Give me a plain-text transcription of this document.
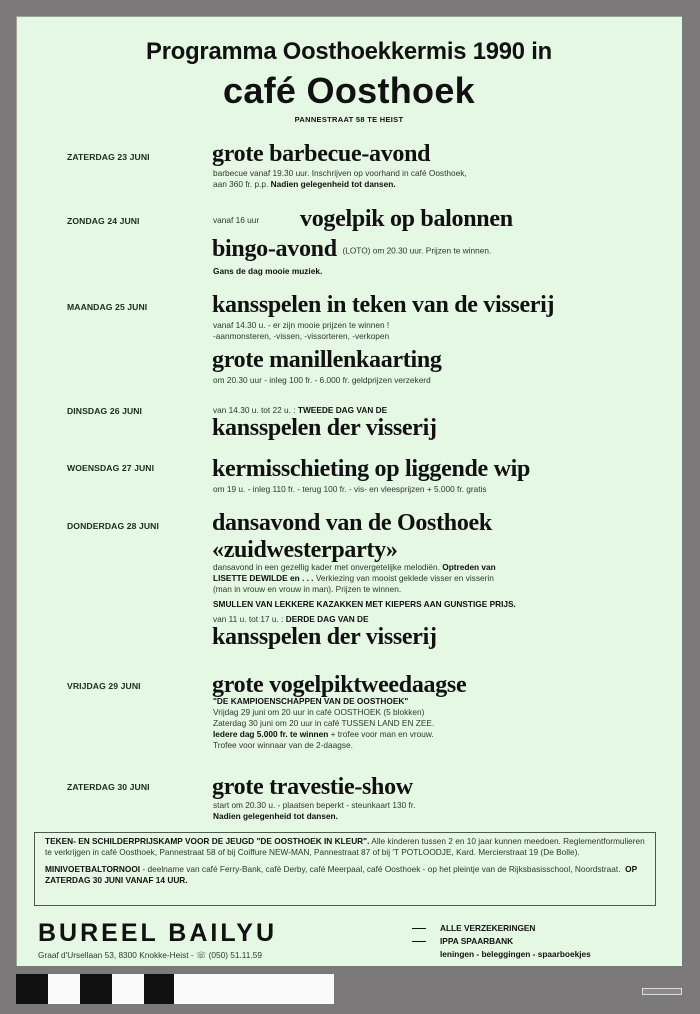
Programma Oosthoekkermis 1990 in
café Oosthoek
PANNESTRAAT 58 TE HEIST
ZATERDAG 23 JUNI	grote barbecue-avond
barbecue vanaf 19.30 uur. Inschrijven op voorhand in café Oosthoek,
aan 360 fr. p.p. Nadien gelegenheid tot dansen.
ZONDAG 24 JUNI	vanaf 16 uur vogelpik op balonnen
bingo-avond (LOTO) om 20.30 uur. Prijzen te winnen.
Gans de dag mooie muziek.
MAANDAG 25 JUNI	kansspelen in teken van de visserij
vanaf 14.30 u. - er zijn mooie prijzen te winnen !
-aanmonsteren, -vissen, -vissorteren, -verkopen
grote manillenkaarting
om 20.30 uur - inleg 100 fr. - 6.000 fr. geldprijzen verzekerd
DINSDAG 26 JUNI	van 14.30 u. tot 22 u. : TWEEDE DAG VAN DE
kansspelen der visserij
WOENSDAG 27 JUNI kermisschieting op liggende wip
om 19 u. - inleg 110 fr. - terug 100 fr. - vis- en vleesprijzen + 5.000 fr. gratis
DONDERDAG 28 JUNI dansavond van de Oosthoek
«zuidwesterparty»
dansavond in een gezellig kader met onvergetelijke melodiën. Optreden van
LISETTE DEWILDE en . . . Verkiezing van mooist geklede visser en visserin
(man in vrouw en vrouw in man). Prijzen te winnen.
SMULLEN VAN LEKKERE KAZAKKEN MET KIEPERS AAN GUNSTIGE PRIJS.
van 11 u. tot 17 u. : DERDE DAG VAN DE
kansspelen der visserij
VRIJDAG 29 JUNI	grote vogelpiktweedaagse
"DE KAMPIOENSCHAPPEN VAN DE OOSTHOEK"
Vrijdag 29 juni om 20 uur in café OOSTHOEK (5 blokken)
Zaterdag 30 juni om 20 uur in café TUSSEN LAND EN ZEE.
Iedere dag 5.000 fr. te winnen + trofee voor man en vrouw.
Trofee voor winnaar van de 2-daagse.
ZATERDAG 30 JUNI	grote travestie-show
start om 20.30 u. - plaatsen beperkt - steunkaart 130 fr.
Nadien gelegenheid tot dansen.

TEKEN- EN SCHILDERPRIJSKAMP VOOR DE JEUGD "DE OOSTHOEK IN KLEUR". Alle kinderen tussen 2 en 10 jaar kunnen meedoen. Reglementformulieren te verkrijgen in café Oosthoek, Pannestraat 58 of bij Coiffure NEW-MAN, Pannestraat 87 of bij 'T POTLOODJE, Kard. Mercierstraat 19 (De Bolle).

MINIVOETBALTORNOOI - deelname van café Ferry-Bank, café Derby, café Meerpaal, café Oosthoek - op het pleintje van de Rijksbasisschool, Noordstraat. OP ZATERDAG 30 JUNI VANAF 14 UUR.

BUREEL BAILYU
Graaf d'Ursellaan 53, 8300 Knokke-Heist - ☏ (050) 51.11.59
ALLE VERZEKERINGEN
IPPA SPAARBANK
leningen - beleggingen - spaarboekjes
